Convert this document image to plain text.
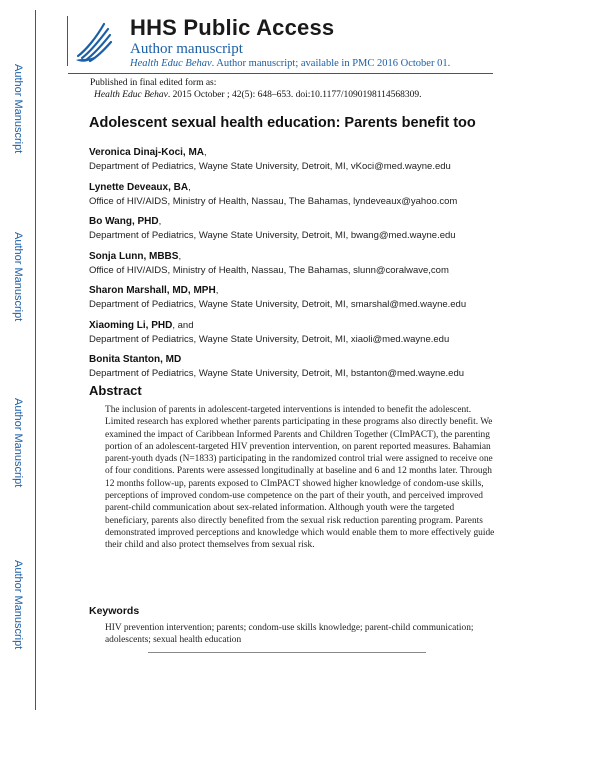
Author Manuscript
Author Manuscript
Author Manuscript
Author Manuscript
HHS Public Access
Author manuscript
Health Educ Behav. Author manuscript; available in PMC 2016 October 01.
Published in final edited form as:
Health Educ Behav. 2015 October ; 42(5): 648–653. doi:10.1177/1090198114568309.
Adolescent sexual health education: Parents benefit too
Veronica Dinaj-Koci, MA,
Department of Pediatrics, Wayne State University, Detroit, MI, vKoci@med.wayne.edu
Lynette Deveaux, BA,
Office of HIV/AIDS, Ministry of Health, Nassau, The Bahamas, lyndeveaux@yahoo.com
Bo Wang, PHD,
Department of Pediatrics, Wayne State University, Detroit, MI, bwang@med.wayne.edu
Sonja Lunn, MBBS,
Office of HIV/AIDS, Ministry of Health, Nassau, The Bahamas, slunn@coralwave,com
Sharon Marshall, MD, MPH,
Department of Pediatrics, Wayne State University, Detroit, MI, smarshal@med.wayne.edu
Xiaoming Li, PHD, and
Department of Pediatrics, Wayne State University, Detroit, MI, xiaoli@med.wayne.edu
Bonita Stanton, MD
Department of Pediatrics, Wayne State University, Detroit, MI, bstanton@med.wayne.edu
Abstract
The inclusion of parents in adolescent-targeted interventions is intended to benefit the adolescent. Limited research has explored whether parents participating in these programs also directly benefit. We examined the impact of Caribbean Informed Parents and Children Together (CImPACT), the parenting portion of an adolescent-targeted HIV prevention intervention, on parent reported measures. Bahamian parent-youth dyads (N=1833) participating in the randomized control trial were assigned to receive one of four conditions. Parents were assessed longitudinally at baseline and 6 and 12 months later. Through 12 months follow-up, parents exposed to CImPACT showed higher knowledge of condom-use skills, perceptions of improved condom-use competence on the part of their youth, and perceived improved parent-child communication about sex-related information. Although youth were the targeted beneficiary, parents also directly benefited from the sexual risk reduction parenting program. Parents demonstrated improved perceptions and knowledge which would enable them to more effectively guide their child and also protect themselves from sexual risk.
Keywords
HIV prevention intervention; parents; condom-use skills knowledge; parent-child communication; adolescents; sexual health education
